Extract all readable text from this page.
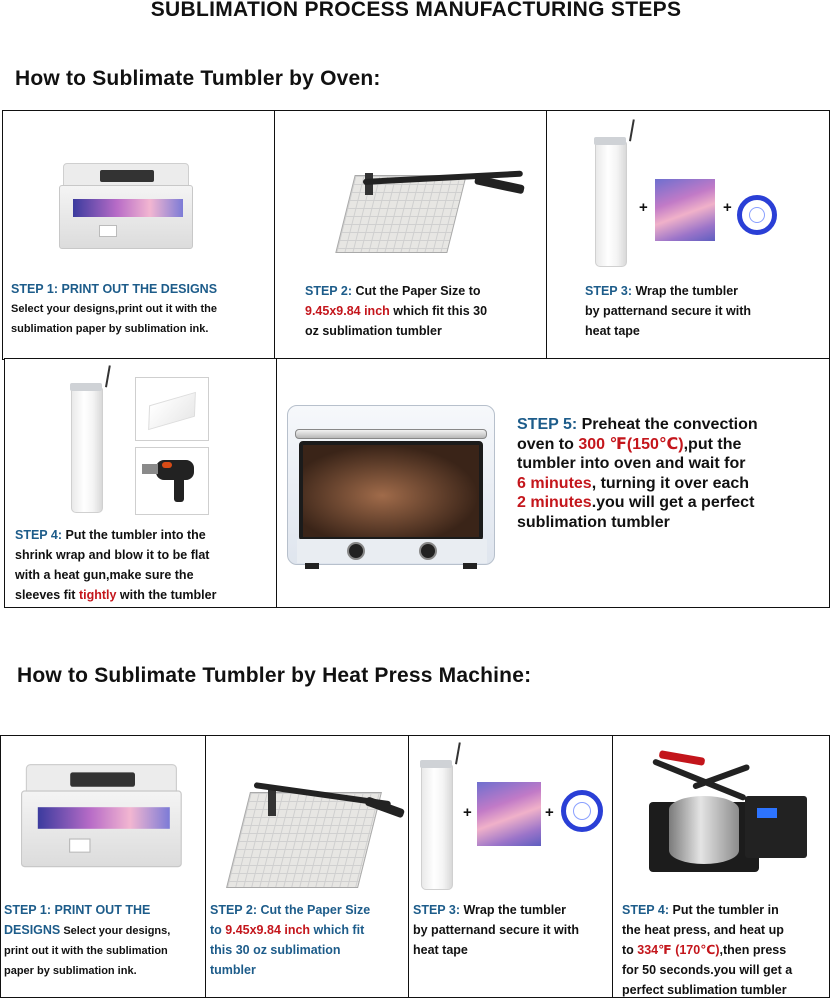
SUBLIMATION PROCESS MANUFACTURING STEPS
How to Sublimate Tumbler by Oven:
STEP 1: PRINT OUT THE DESIGNS
Select your designs,print out it with the
sublimation paper by sublimation ink.
STEP 2: Cut the Paper Size to
9.45x9.84 inch which fit this 30
oz sublimation tumbler
+	+
STEP 3: Wrap the tumbler
by patternand secure it with
heat tape
STEP 4: Put the tumbler into the
shrink wrap and blow it to be flat
with a heat gun,make sure the
sleeves fit tightly with the tumbler
STEP 5: Preheat the convection
oven to 300 ℉(150℃),put the
tumbler into oven and wait for
6 minutes, turning it over each
2 minutes.you will get a perfect
sublimation tumbler
How to Sublimate Tumbler by Heat Press Machine:
STEP 1: PRINT OUT THE
DESIGNS Select your designs,
print out it with the sublimation
paper by sublimation ink.
STEP 2: Cut the Paper Size
to 9.45x9.84 inch which fit
this 30 oz sublimation
tumbler
+	+
STEP 3: Wrap the tumbler
by patternand secure it with
heat tape
STEP 4: Put the tumbler in
the heat press, and heat up
to 334℉ (170℃),then press
for 50 seconds.you will get a
perfect sublimation tumbler
